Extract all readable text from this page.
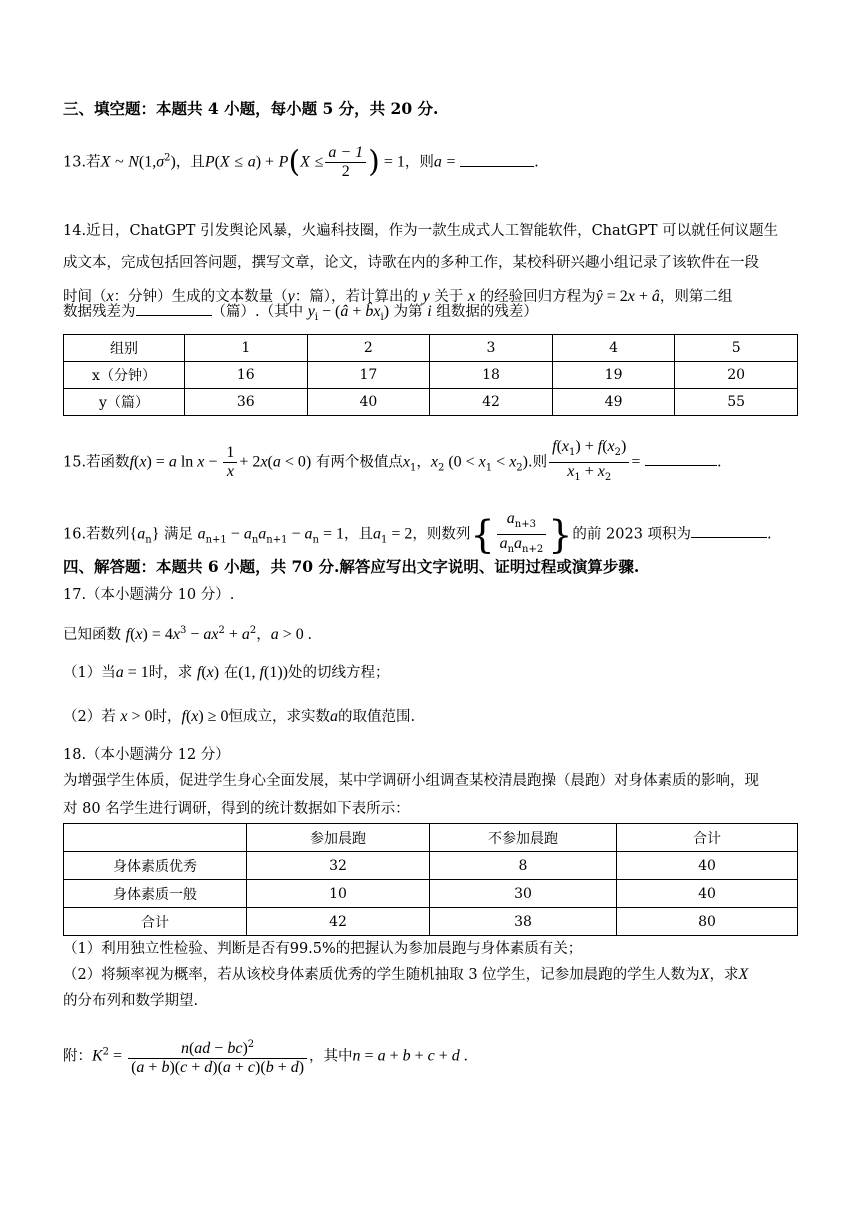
三、填空题：本题共 4 小题，每小题 5 分，共 20 分.
13.若X ~ $N(1,\sigma^2)$，且$P(X \le a) + P(X \le \frac{a - 1}{2}$ ) = 1，则a =	.
14.近日，ChatGPT 引发舆论风暴，火遍科技圈，作为一款生成式人工智能软件，ChatGPT 可以就任何议题生
成文本，完成包括回答问题，撰写文章，论文，诗歌在内的多种工作，某校科研兴趣小组记录了该软件在一段
时间（x：分钟）生成的文本数量（y：篇），若计算出的 y 关于 x 的经验回归方程为ŷ = 2x + â，则第二组
数据残差为	（篇）.（其中 $y_i$ − (â + $b̂x_i$) 为第 i 组数据的残差）
组别	1	2	3	4	5
x（分钟）	16	17	18	19	20
y（篇）	36	40	42	49	55
15.若函数f(x) = a $\ln x - \frac{1}{x} + 2x(a < 0)$ 有两个极值点$x_1$，$x_2$ $(0 < x_1 < x_2)$.则 $\frac{f(x_1) + f(x_2)}{x_1 + x_2}$ =	.
16.若数列$\{a_n\}$ 满足 $a_{n+1} - a_na_{n+1} - a_n = 1$，且$a_1 = 2$，则数列{ $\frac{a_{n+3}}{a_na_{n+2}}$ }的前 2023 项积为	.
四、解答题：本题共 6 小题，共 70 分.解答应写出文字说明、证明过程或演算步骤.
17.（本小题满分 10 分）.
已知函数 $f(x) = 4x^3 - ax^2 + a^2$，a > 0 .
（1）当a = 1时，求 f(x) 在(1, f(1))处的切线方程；
（2）若 x > 0时，f(x) ≥ 0恒成立，求实数a的取值范围.
18.（本小题满分 12 分）
为增强学生体质，促进学生身心全面发展，某中学调研小组调查某校清晨跑操（晨跑）对身体素质的影响，现
对 80 名学生进行调研，得到的统计数据如下表所示：
	参加晨跑	不参加晨跑	合计
身体素质优秀	32	8	40
身体素质一般	10	30	40
合计	42	38	80
（1）利用独立性检验、判断是否有99.5%的把握认为参加晨跑与身体素质有关；
（2）将频率视为概率，若从该校身体素质优秀的学生随机抽取 3 位学生，记参加晨跑的学生人数为X，求X
的分布列和数学期望.
附：$K^2 = \frac{n(ad - bc)^2}{(a + b)(c + d)(a + c)(b + d)}$ ，其中n = a + b + c + d .
